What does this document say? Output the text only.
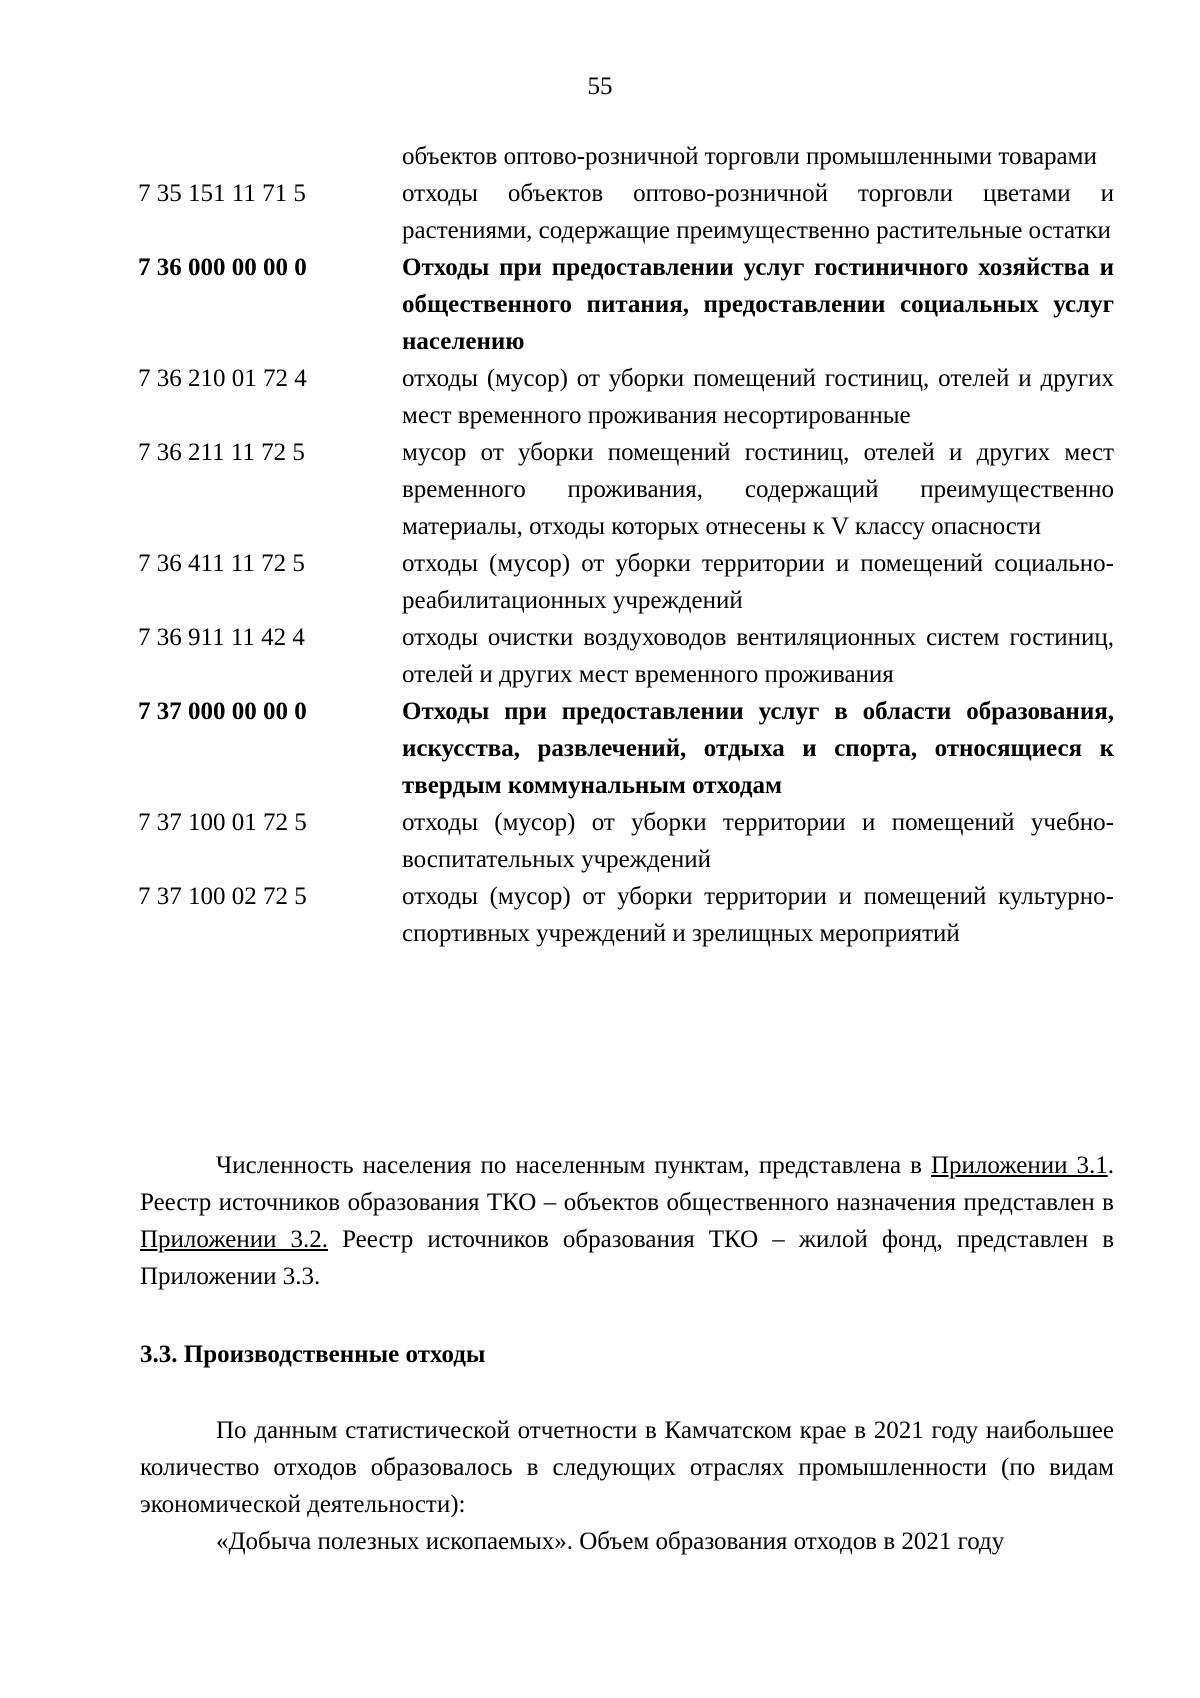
55
объектов оптово-розничной торговли промышленными товарами
7 35 151 11 71 5	отходы объектов оптово-розничной торговли цветами и растениями, содержащие преимущественно растительные остатки
7 36 000 00 00 0	Отходы при предоставлении услуг гостиничного хозяйства и общественного питания, предоставлении социальных услуг населению
7 36 210 01 72 4	отходы (мусор) от уборки помещений гостиниц, отелей и других мест временного проживания несортированные
7 36 211 11 72 5	мусор от уборки помещений гостиниц, отелей и других мест временного проживания, содержащий преимущественно материалы, отходы которых отнесены к V классу опасности
7 36 411 11 72 5	отходы (мусор) от уборки территории и помещений социально-реабилитационных учреждений
7 36 911 11 42 4	отходы очистки воздуховодов вентиляционных систем гостиниц, отелей и других мест временного проживания
7 37 000 00 00 0	Отходы при предоставлении услуг в области образования, искусства, развлечений, отдыха и спорта, относящиеся к твердым коммунальным отходам
7 37 100 01 72 5	отходы (мусор) от уборки территории и помещений учебно-воспитательных учреждений
7 37 100 02 72 5	отходы (мусор) от уборки территории и помещений культурно-спортивных учреждений и зрелищных мероприятий

Численность населения по населенным пунктам, представлена в Приложении 3.1. Реестр источников образования ТКО – объектов общественного назначения представлен в Приложении 3.2. Реестр источников образования ТКО – жилой фонд, представлен в Приложении 3.3.

3.3. Производственные отходы

По данным статистической отчетности в Камчатском крае в 2021 году наибольшее количество отходов образовалось в следующих отраслях промышленности (по видам экономической деятельности):

«Добыча полезных ископаемых». Объем образования отходов в 2021 году
